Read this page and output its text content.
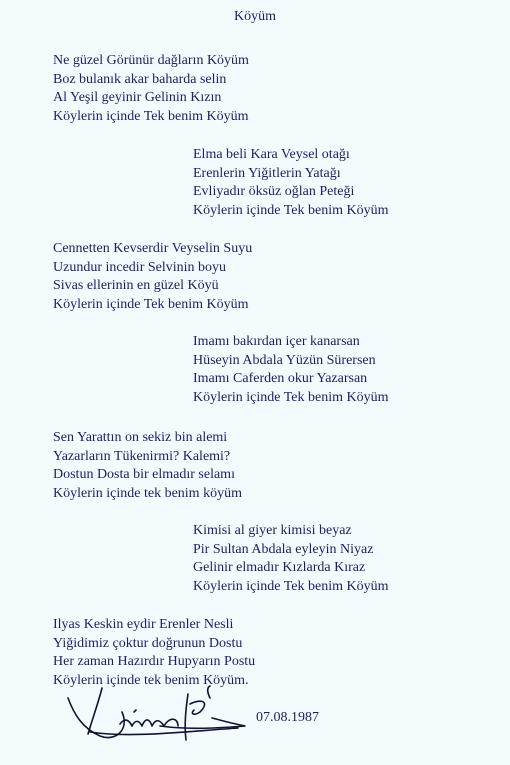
Köyüm
Ne güzel Görünür dağların Köyüm
Boz bulanık akar baharda selin
Al Yeşil geyinir Gelinin Kızın
Köylerin içinde Tek benim Köyüm
Elma beli Kara Veysel otağı
Erenlerin Yiğitlerin Yatağı
Evliyadır öksüz oğlan Peteği
Köylerin içinde Tek benim Köyüm
Cennetten Kevserdir Veyselin Suyu
Uzundur incedir Selvinin boyu
Sivas ellerinin en güzel Köyü
Köylerin içinde Tek benim Köyüm
Imamı bakırdan içer kanarsan
Hüseyin Abdala Yüzün Sürersen
Imamı Caferden okur Yazarsan
Köylerin içinde Tek benim Köyüm
Sen Yarattın on sekiz bin alemi
Yazarların Tükenirmi? Kalemi?
Dostun Dosta bir elmadır selamı
Köylerin içinde tek benim köyüm
Kimisi al giyer kimisi beyaz
Pir Sultan Abdala eyleyin Niyaz
Gelinir elmadır Kızlarda Kıraz
Köylerin içinde Tek benim Köyüm
Ilyas Keskin eydir Erenler Nesli
Yiğidimiz çoktur doğrunun Dostu
Her zaman Hazırdır Hupyarın Postu
Köylerin içinde tek benim Köyüm.
07.08.1987
